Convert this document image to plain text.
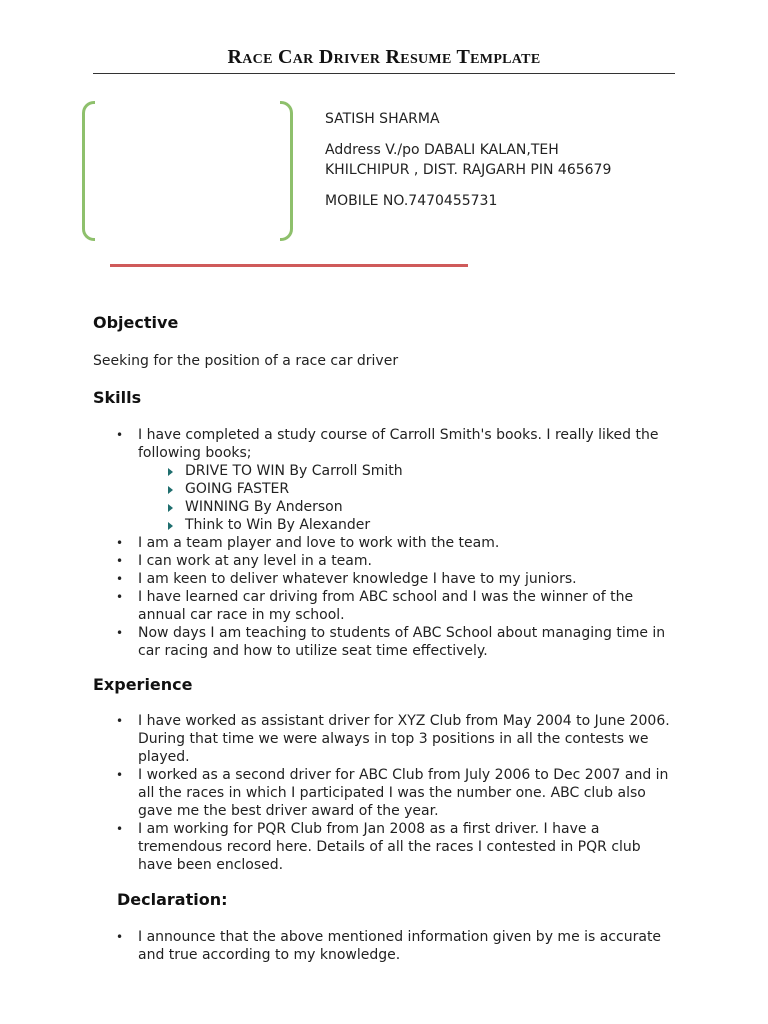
Race Car Driver Resume Template

SATISH SHARMA

Address V./po DABALI KALAN,TEH

KHILCHIPUR , DIST. RAJGARH PIN 465679

MOBILE NO.7470455731

Objective
Seeking for the position of a race car driver
Skills
• I have completed a study course of Carroll Smith's books. I really liked the following books;
DRIVE TO WIN By Carroll Smith
GOING FASTER
WINNING By Anderson
Think to Win By Alexander
• I am a team player and love to work with the team.
• I can work at any level in a team.
• I am keen to deliver whatever knowledge I have to my juniors.
• I have learned car driving from ABC school and I was the winner of the annual car race in my school.
• Now days I am teaching to students of ABC School about managing time in car racing and how to utilize seat time effectively.
Experience
• I have worked as assistant driver for XYZ Club from May 2004 to June 2006. During that time we were always in top 3 positions in all the contests we played.
• I worked as a second driver for ABC Club from July 2006 to Dec 2007 and in all the races in which I participated I was the number one. ABC club also gave me the best driver award of the year.
• I am working for PQR Club from Jan 2008 as a first driver. I have a tremendous record here. Details of all the races I contested in PQR club have been enclosed.
Declaration:
• I announce that the above mentioned information given by me is accurate and true according to my knowledge.
